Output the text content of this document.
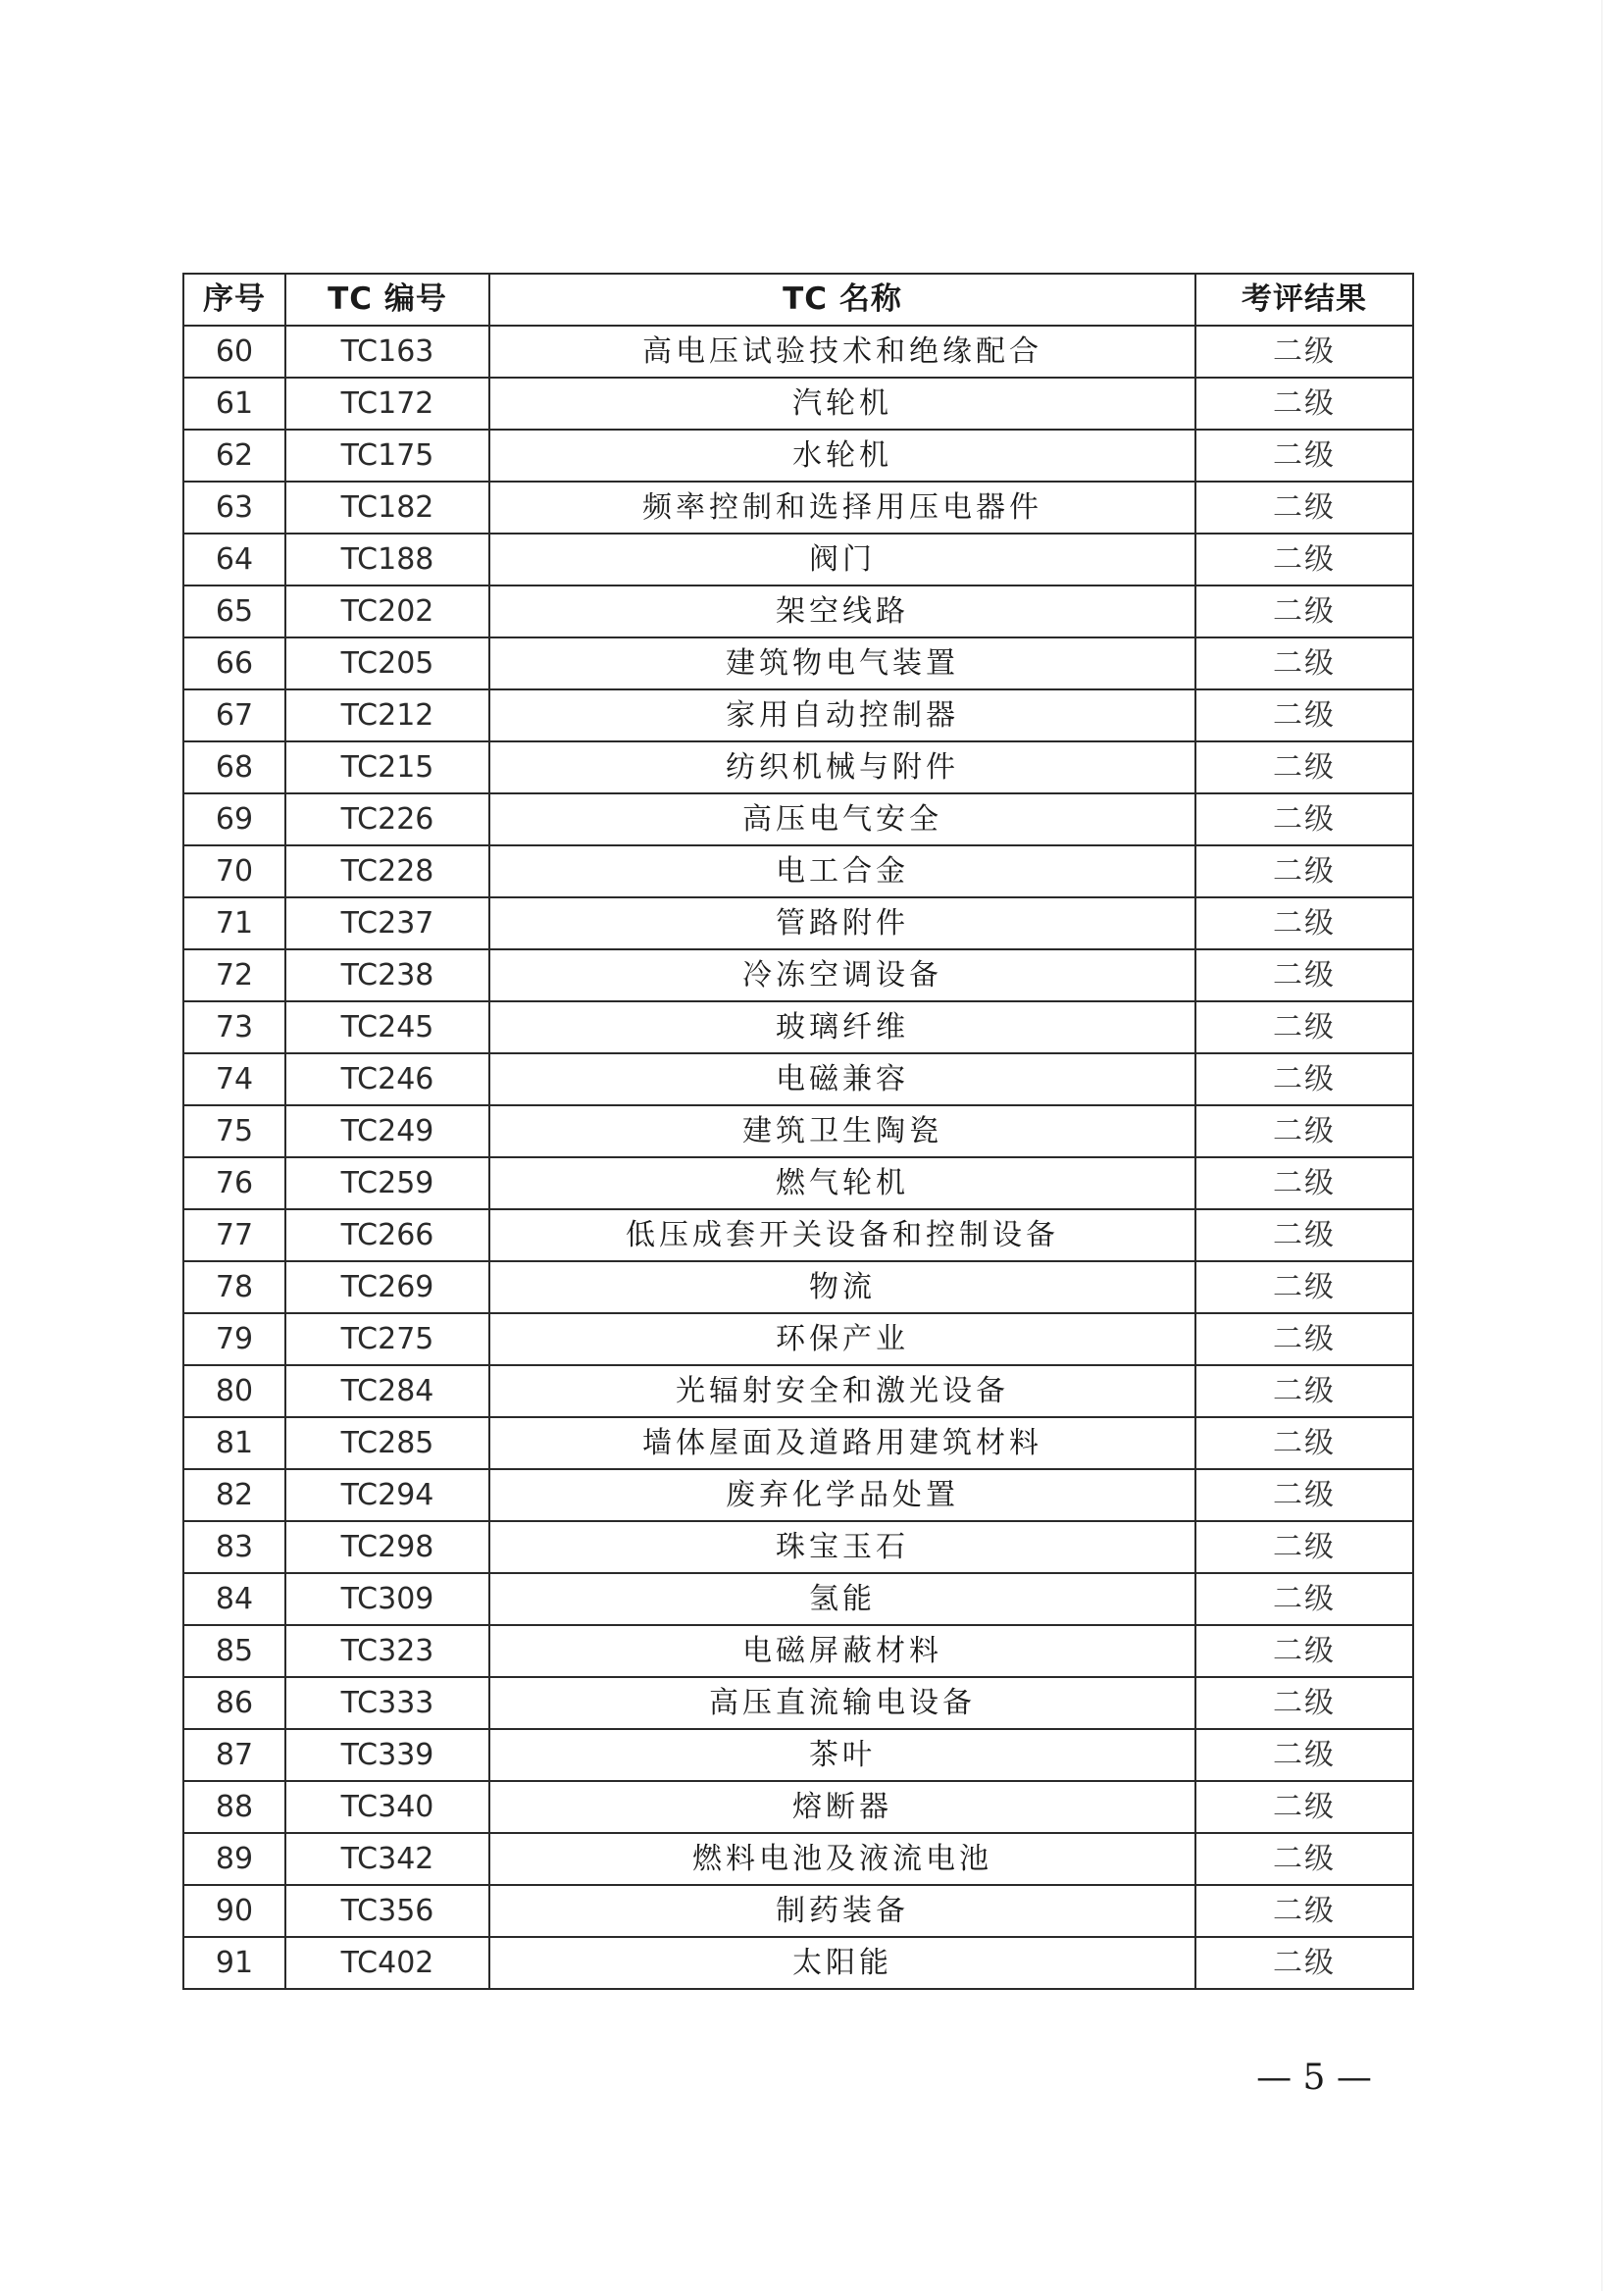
序号	TC 编号	TC 名称	考评结果
60	TC163	高电压试验技术和绝缘配合	二级
61	TC172	汽轮机	二级
62	TC175	水轮机	二级
63	TC182	频率控制和选择用压电器件	二级
64	TC188	阀门	二级
65	TC202	架空线路	二级
66	TC205	建筑物电气装置	二级
67	TC212	家用自动控制器	二级
68	TC215	纺织机械与附件	二级
69	TC226	高压电气安全	二级
70	TC228	电工合金	二级
71	TC237	管路附件	二级
72	TC238	冷冻空调设备	二级
73	TC245	玻璃纤维	二级
74	TC246	电磁兼容	二级
75	TC249	建筑卫生陶瓷	二级
76	TC259	燃气轮机	二级
77	TC266	低压成套开关设备和控制设备	二级
78	TC269	物流	二级
79	TC275	环保产业	二级
80	TC284	光辐射安全和激光设备	二级
81	TC285	墙体屋面及道路用建筑材料	二级
82	TC294	废弃化学品处置	二级
83	TC298	珠宝玉石	二级
84	TC309	氢能	二级
85	TC323	电磁屏蔽材料	二级
86	TC333	高压直流输电设备	二级
87	TC339	茶叶	二级
88	TC340	熔断器	二级
89	TC342	燃料电池及液流电池	二级
90	TC356	制药装备	二级
91	TC402	太阳能	二级
— 5 —
